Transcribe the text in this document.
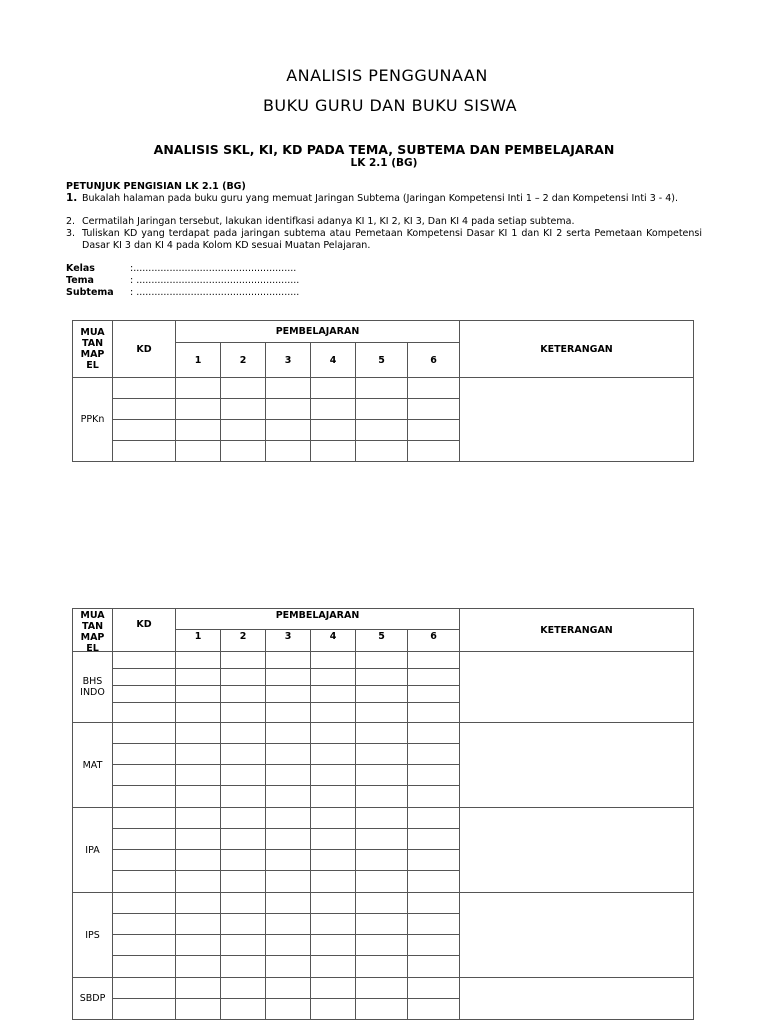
ANALISIS PENGGUNAAN
BUKU GURU DAN BUKU SISWA
ANALISIS SKL, KI, KD PADA TEMA, SUBTEMA DAN PEMBELAJARAN
LK 2.1 (BG)
PETUNJUK PENGISIAN LK 2.1 (BG)
1. Bukalah halaman pada buku guru yang memuat Jaringan Subtema (Jaringan Kompetensi Inti 1 – 2 dan Kompetensi Inti 3 - 4).
2. Cermatilah Jaringan tersebut, lakukan identifkasi adanya KI 1, KI 2, KI 3, Dan KI 4 pada setiap subtema.
3. Tuliskan KD yang terdapat pada jaringan subtema atau Pemetaan Kompetensi Dasar KI 1 dan KI 2 serta Pemetaan Kompetensi Dasar KI 3 dan KI 4 pada Kolom KD sesuai Muatan Pelajaran.
Kelas	:......................................................
Tema	: ......................................................
Subtema	: ......................................................
MUA TAN MAP EL	KD	PEMBELAJARAN						KETERANGAN
		1	2	3	4	5	6	
PPKn								

MUA TAN MAP EL	KD	PEMBELAJARAN						KETERANGAN
		1	2	3	4	5	6	
BHS INDO								

MAT								

IPA								

IPS								

SBDP								
